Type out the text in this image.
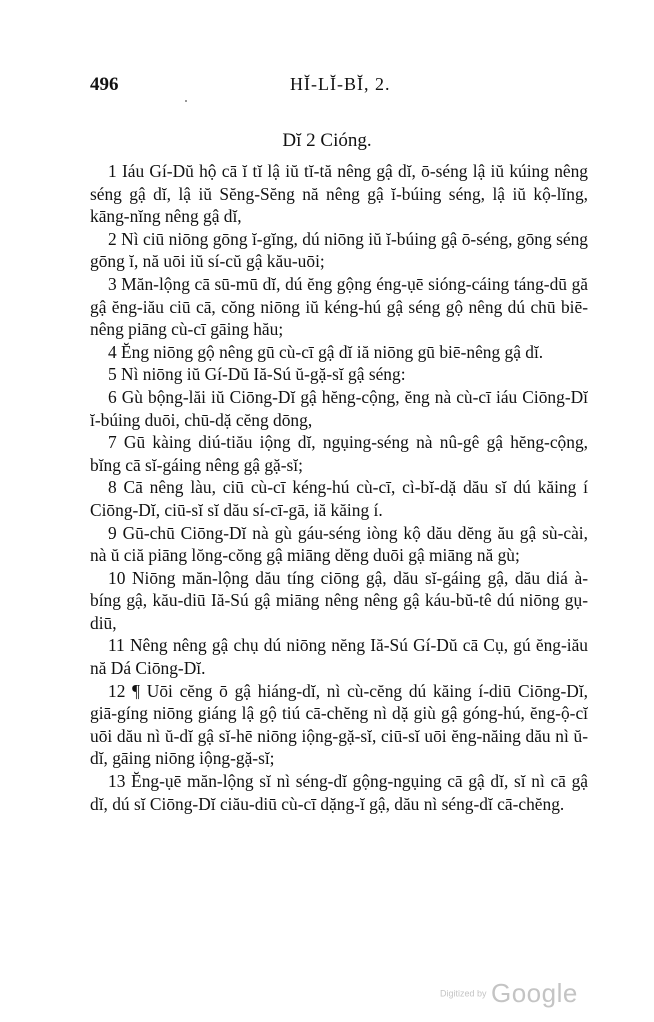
496	HĬ-LĬ-BĬ, 2.
Dĭ 2 Cióng.

1 Iáu Gí-Dŭ hộ cā ĭ tĭ lậ iŭ tĭ-tă nêng gậ dĭ, ō-séng lậ iŭ kúing nêng séng gậ dĭ, lậ iŭ Sĕng-Sĕng nă nêng gậ ĭ-búing séng, lậ iŭ kộ-lĭng, kāng-nĭng nêng gậ dĭ,

2 Nì ciū niōng gōng ĭ-gĭng, dú niōng iŭ ĭ-búing gậ ō-séng, gōng séng gōng ĭ, nă uōi iŭ sí-cŭ gậ kău-uōi;

3 Măn-lộng cā sū-mū dĭ, dú ĕng gộng éng-ụē sióng-cáing táng-dū gă gậ ĕng-iău ciū cā, cŏng niōng iŭ kéng-hú gậ séng gộ nêng dú chū biē-nêng piāng cù-cī gāing hău;

4 Ĕng niōng gộ nêng gū cù-cī gậ dĭ iă niōng gū biē-nêng gậ dĭ.

5 Nì niōng iŭ Gí-Dŭ Iă-Sú ŭ-gặ-sĭ gậ séng:

6 Gù bộng-lăi iŭ Ciōng-Dĭ gậ hĕng-cộng, ĕng nà cù-cī iáu Ciōng-Dĭ ĭ-búing duōi, chū-dặ cĕng dōng,

7 Gū kàing diú-tiău iộng dĭ, ngụing-séng nà nû-gê gậ hĕng-cộng, bĭng cā sĭ-gáing nêng gậ gặ-sĭ;

8 Cā nêng làu, ciū cù-cī kéng-hú cù-cī, cì-bĭ-dặ dău sĭ dú kăing í Ciōng-Dĭ, ciū-sĭ sĭ dău sí-cī-gā, iă kăing í.

9 Gū-chū Ciōng-Dĭ nà gù gáu-séng iòng kộ dău dĕng ău gậ sù-cài, nà ŭ ciă piāng lŏng-cŏng gậ miāng dĕng duōi gậ miāng nă gù;

10 Niōng măn-lộng dău tíng ciōng gậ, dău sĭ-gáing gậ, dău diá à-bíng gậ, kău-diū Iă-Sú gậ miāng nêng nêng gậ káu-bŭ-tê dú niōng gụ-diū,

11 Nêng nêng gậ chụ dú niōng nĕng Iă-Sú Gí-Dŭ cā Cụ, gú ĕng-iău nă Dá Ciōng-Dĭ.

12 ¶ Uōi cĕng ō gậ hiáng-dĭ, nì cù-cĕng dú kăing í-diū Ciōng-Dĭ, giā-gíng niōng giáng lậ gộ tiú cā-chĕng nì dặ giù gậ góng-hú, ĕng-ộ-cĭ uōi dău nì ŭ-dĭ gậ sĭ-hē niōng iộng-gặ-sĭ, ciū-sĭ uōi ĕng-năing dău nì ŭ-dĭ, gāing niōng iộng-gặ-sĭ;

13 Ĕng-ụē măn-lộng sĭ nì séng-dĭ gộng-ngụing cā gậ dĭ, sĭ nì cā gậ dĭ, dú sĭ Ciōng-Dĭ ciău-diū cù-cī dặng-ĭ gậ, dău nì séng-dĭ cā-chĕng.

Digitized by Google
